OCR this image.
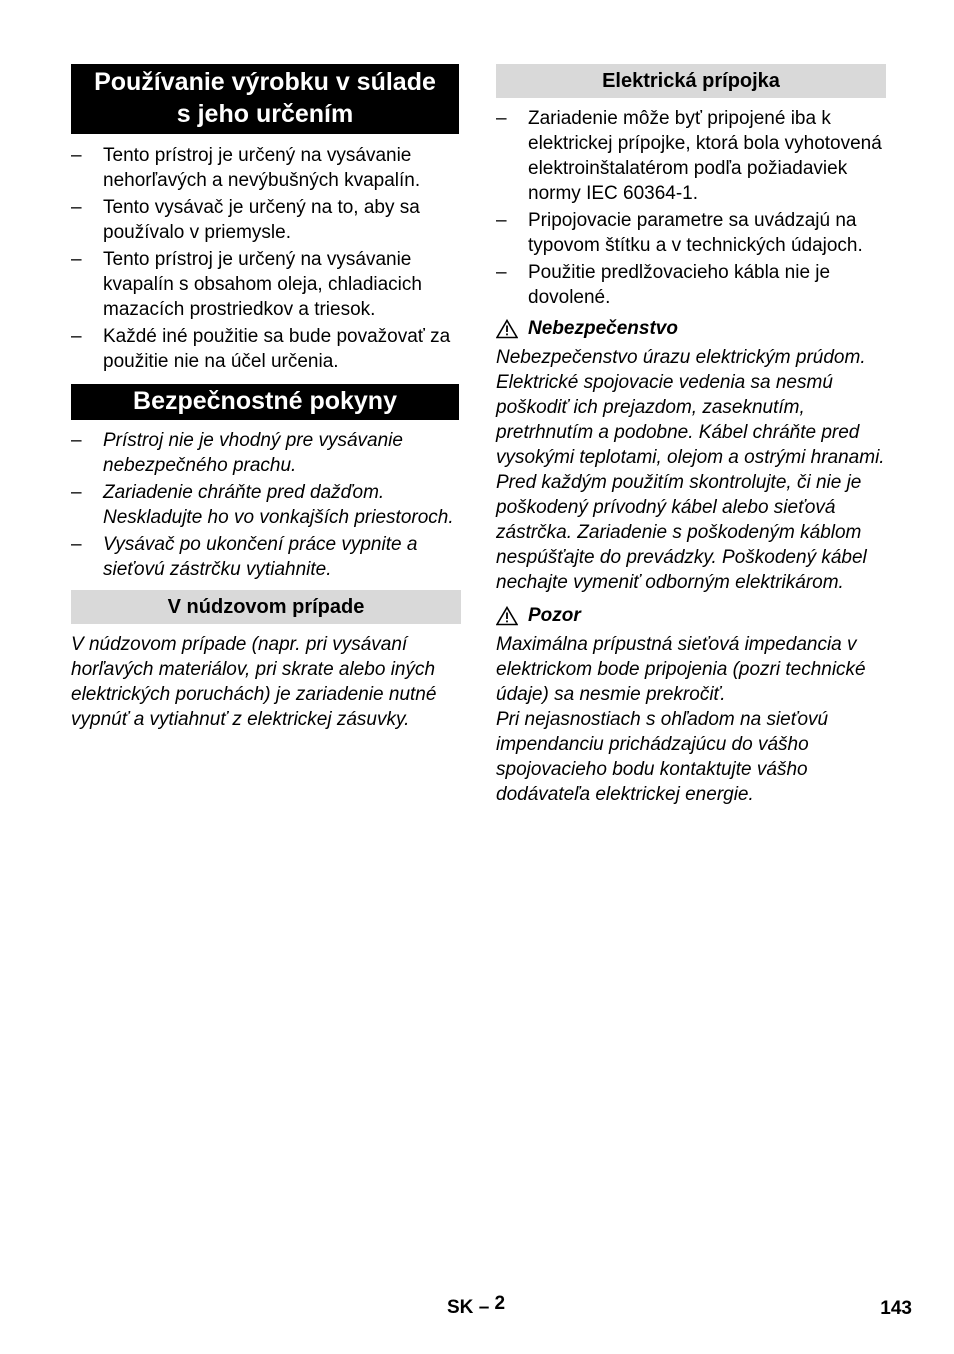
Používanie výrobku v súlade
s jeho určením
–	Tento prístroj je určený na vysávanie nehorľavých a nevýbušných kvapalín.
–	Tento vysávač je určený na to, aby sa používalo v priemysle.
–	Tento prístroj je určený na vysávanie kvapalín s obsahom oleja, chladiacich mazacích prostriedkov a triesok.
–	Každé iné použitie sa bude považovať za použitie nie na účel určenia.
Bezpečnostné pokyny
–	Prístroj nie je vhodný pre vysávanie nebezpečného prachu.
–	Zariadenie chráňte pred dažďom. Neskladujte ho vo vonkajších priestoroch.
–	Vysávač po ukončení práce vypnite a sieťovú zástrčku vytiahnite.
V núdzovom prípade

V núdzovom prípade (napr. pri vysávaní horľavých materiálov, pri skrate alebo iných elektrických poruchách) je zariadenie nutné vypnúť a vytiahnuť z elektrickej zásuvky.

Elektrická prípojka
–	Zariadenie môže byť pripojené iba k elektrickej prípojke, ktorá bola vyhotovená elektroinštalatérom podľa požiadaviek normy IEC 60364-1.
–	Pripojovacie parametre sa uvádzajú na typovom štítku a v technických údajoch.
–	Použitie predlžovacieho kábla nie je dovolené.
Nebezpečenstvo

Nebezpečenstvo úrazu elektrickým prúdom. Elektrické spojovacie vedenia sa nesmú poškodiť ich prejazdom, zaseknutím, pretrhnutím a podobne. Kábel chráňte pred vysokými teplotami, olejom a ostrými hranami.

Pred každým použitím skontrolujte, či nie je poškodený prívodný kábel alebo sieťová zástrčka. Zariadenie s poškodeným káblom nespúšťajte do prevádzky. Poškodený kábel nechajte vymeniť odborným elektrikárom.

Pozor

Maximálna prípustná sieťová impedancia v elektrickom bode pripojenia (pozri technické údaje) sa nesmie prekročiť.

Pri nejasnostiach s ohľadom na sieťovú impendanciu prichádzajúcu do vášho spojovacieho bodu kontaktujte vášho dodávateľa elektrickej energie.

SK – 2	143
